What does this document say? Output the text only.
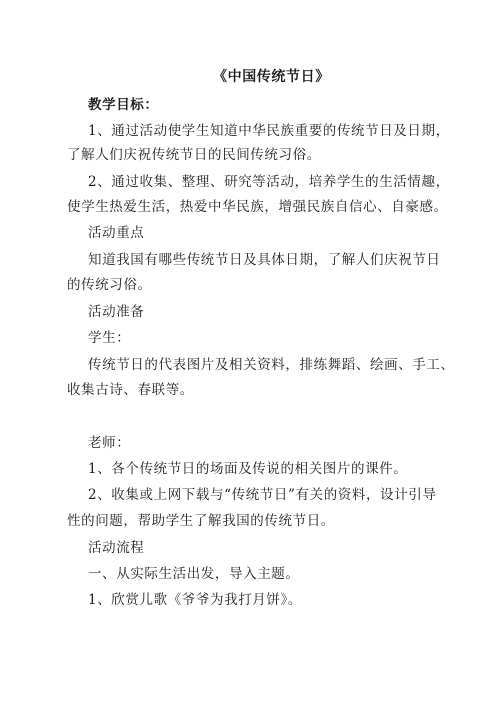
《中国传统节日》
教学目标：
1、通过活动使学生知道中华民族重要的传统节日及日期，
了解人们庆祝传统节日的民间传统习俗。
2、通过收集、整理、研究等活动，培养学生的生活情趣，
使学生热爱生活，热爱中华民族，增强民族自信心、自豪感。
活动重点
知道我国有哪些传统节日及具体日期，了解人们庆祝节日
的传统习俗。
活动准备
学生：
传统节日的代表图片及相关资料，排练舞蹈、绘画、手工、
收集古诗、春联等。
老师：
1、各个传统节日的场面及传说的相关图片的课件。
2、收集或上网下载与“传统节日”有关的资料，设计引导
性的问题，帮助学生了解我国的传统节日。
活动流程
一、从实际生活出发，导入主题。
1、欣赏儿歌《爷爷为我打月饼》。
